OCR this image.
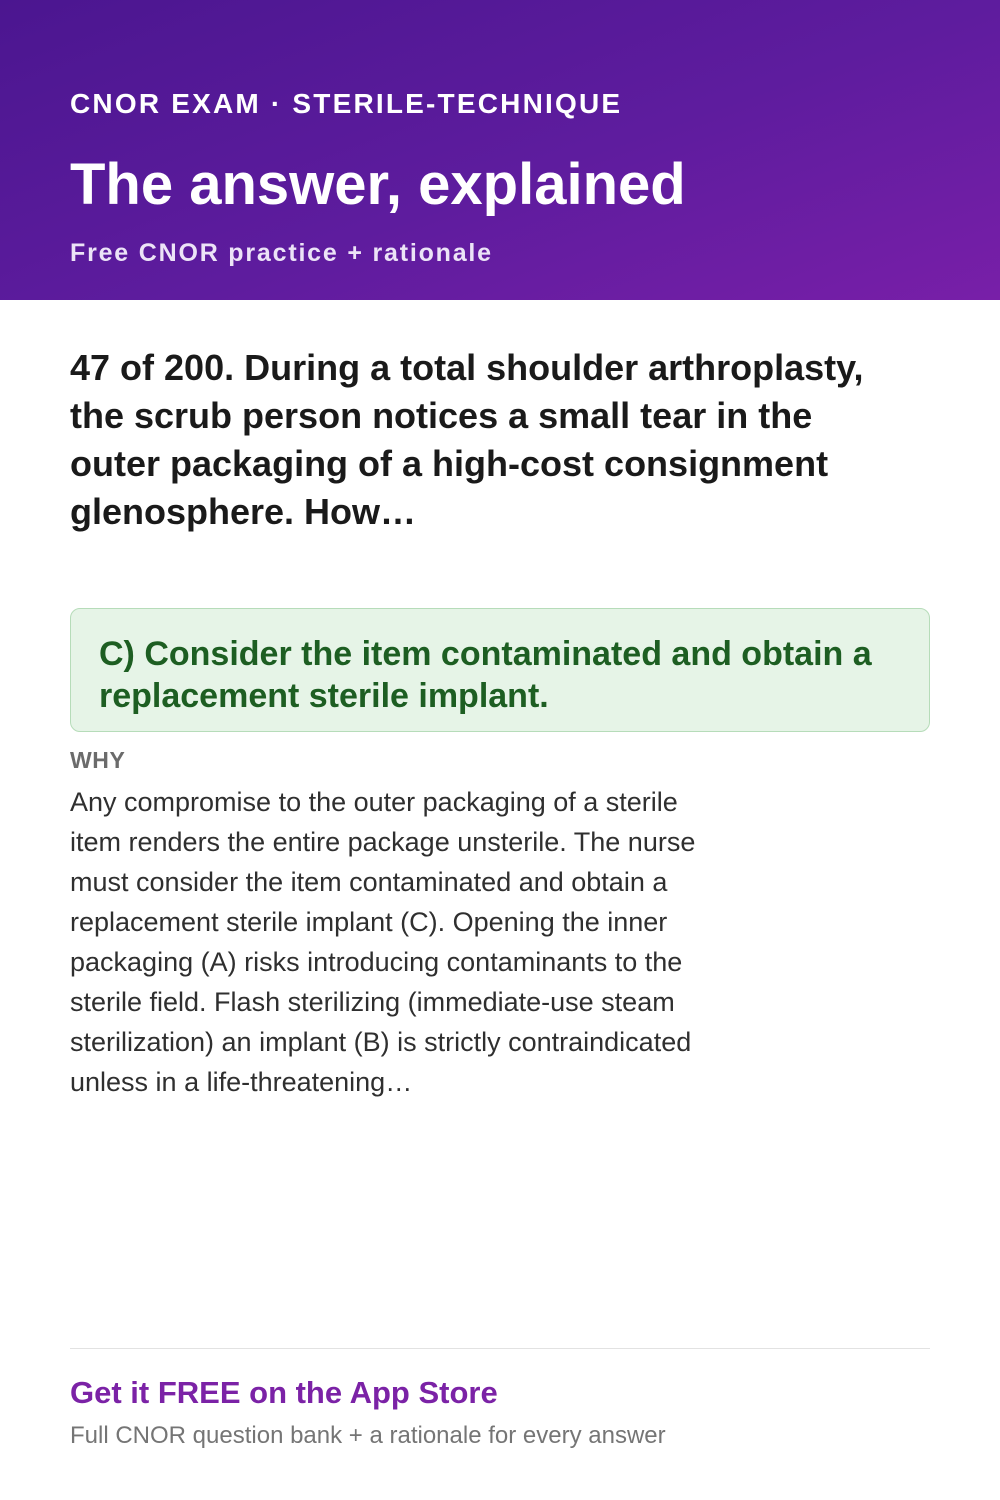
CNOR EXAM · STERILE-TECHNIQUE
The answer, explained
Free CNOR practice + rationale
47 of 200. During a total shoulder arthroplasty, the scrub person notices a small tear in the outer packaging of a high-cost consignment glenosphere. How…
C) Consider the item contaminated and obtain a replacement sterile implant.
WHY
Any compromise to the outer packaging of a sterile item renders the entire package unsterile. The nurse must consider the item contaminated and obtain a replacement sterile implant (C). Opening the inner packaging (A) risks introducing contaminants to the sterile field. Flash sterilizing (immediate-use steam sterilization) an implant (B) is strictly contraindicated unless in a life-threatening…
Get it FREE on the App Store
Full CNOR question bank + a rationale for every answer
